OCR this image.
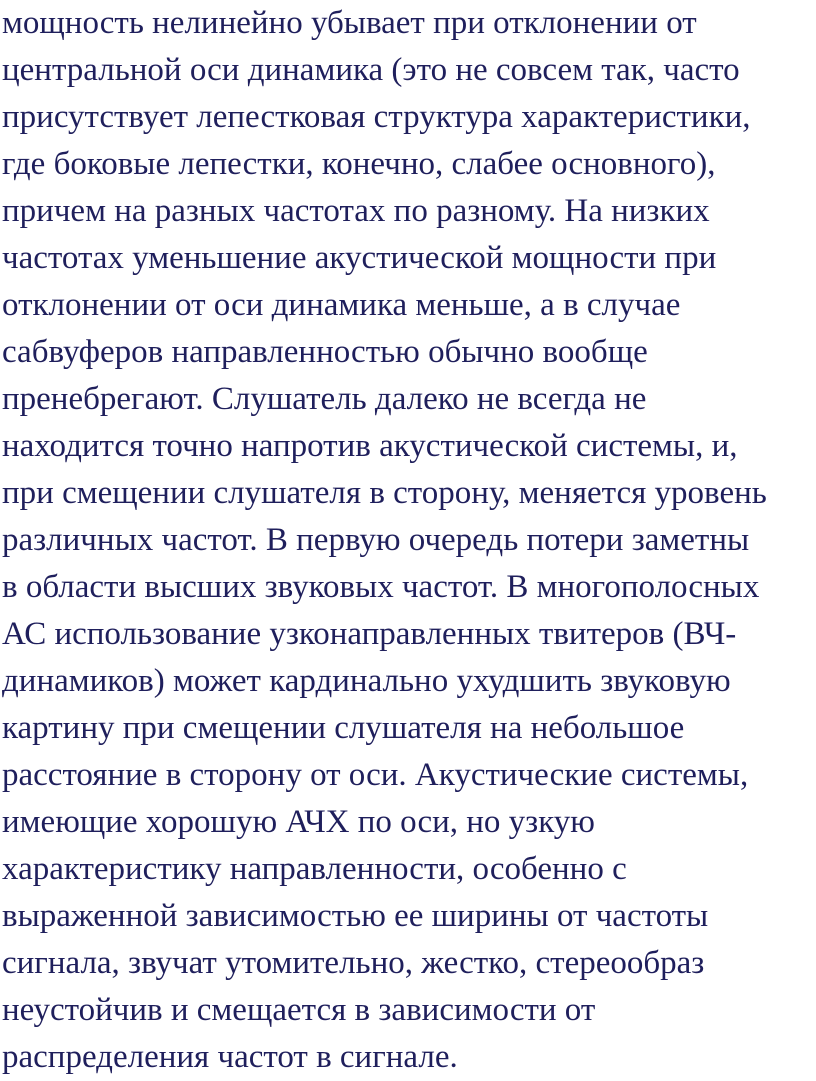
мощность нелинейно убывает при отклонении от
центральной оси динамика (это не совсем так, часто
присутствует лепестковая структура характеристики,
где боковые лепестки, конечно, слабее основного),
причем на разных частотах по разному. На низких
частотах уменьшение акустической мощности при
отклонении от оси динамика меньше, а в случае
сабвуферов направленностью обычно вообще
пренебрегают. Слушатель далеко не всегда не
находится точно напротив акустической системы, и,
при смещении слушателя в сторону, меняется уровень
различных частот. В первую очередь потери заметны
в области высших звуковых частот. В многополосных
АС использование узконаправленных твитеров (ВЧ-
динамиков) может кардинально ухудшить звуковую
картину при смещении слушателя на небольшое
расстояние в сторону от оси. Акустические системы,
имеющие хорошую АЧХ по оси, но узкую
характеристику направленности, особенно с
выраженной зависимостью ее ширины от частоты
сигнала, звучат утомительно, жестко, стереообраз
неустойчив и смещается в зависимости от
распределения частот в сигнале.
